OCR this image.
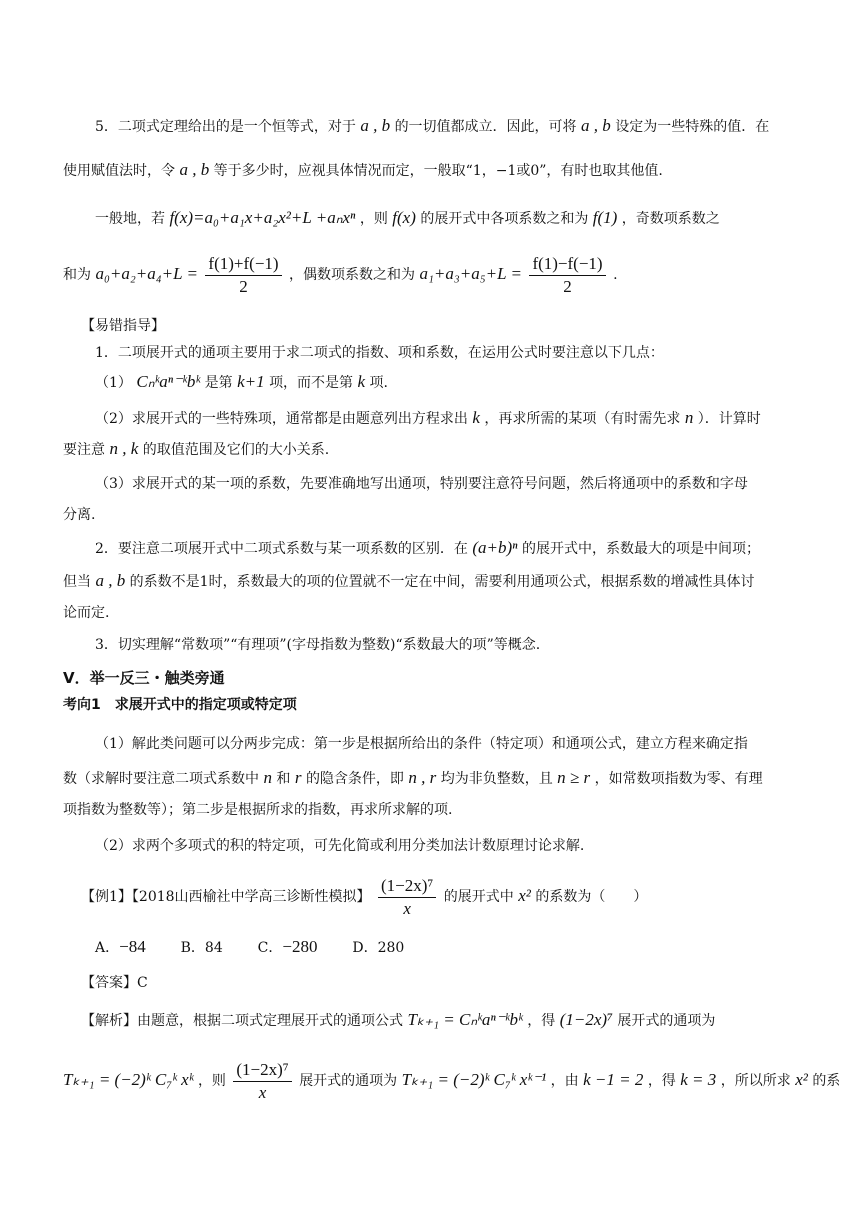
5．二项式定理给出的是一个恒等式，对于 a , b 的一切值都成立．因此，可将 a , b 设定为一些特殊的值．在
使用赋值法时，令 a , b 等于多少时，应视具体情况而定，一般取“1，−1或0”，有时也取其他值.
一般地，若 f(x)=a₀+a₁x+a₂x²+L +aₙxⁿ ，则 f(x) 的展开式中各项系数之和为 f(1) ，奇数项系数之
和为 $a_0+a_2+a_4+L = \frac{f(1)+f(-1)}{2}$ ，偶数项系数之和为 $a_1+a_3+a_5+L = \frac{f(1)-f(-1)}{2}$ .
【易错指导】
1．二项展开式的通项主要用于求二项式的指数、项和系数，在运用公式时要注意以下几点：
（1） Cₙᵏaⁿ⁻ᵏbᵏ 是第 k+1 项，而不是第 k 项.
（2）求展开式的一些特殊项，通常都是由题意列出方程求出 k ，再求所需的某项（有时需先求 n ）．计算时
要注意 n , k 的取值范围及它们的大小关系.
（3）求展开式的某一项的系数，先要准确地写出通项，特别要注意符号问题，然后将通项中的系数和字母
分离.
2．要注意二项展开式中二项式系数与某一项系数的区别．在 (a+b)ⁿ 的展开式中，系数最大的项是中间项；
但当 a , b 的系数不是1时，系数最大的项的位置就不一定在中间，需要利用通项公式，根据系数的增减性具体讨
论而定.
3．切实理解“常数项”“有理项”(字母指数为整数)“系数最大的项”等概念.
V．举一反三・触类旁通
考向1　求展开式中的指定项或特定项
（1）解此类问题可以分两步完成：第一步是根据所给出的条件（特定项）和通项公式，建立方程来确定指
数（求解时要注意二项式系数中 n 和 r 的隐含条件，即 n , r 均为非负整数，且 n ≥ r ，如常数项指数为零、有理
项指数为整数等）；第二步是根据所求的指数，再求所求解的项.
（2）求两个多项式的积的特定项，可先化简或利用分类加法计数原理讨论求解.
【例1】【2018山西榆社中学高三诊断性模拟】 $\frac{\text{(1−2x)⁷}}{x}$ 的展开式中 x² 的系数为（　　）
A．−84 B．84 C．−280 D．280
【答案】C
【解析】由题意，根据二项式定理展开式的通项公式 Tₖ₊₁ = Cₙᵏaⁿ⁻ᵏbᵏ ，得 (1−2x)⁷ 展开式的通项为
Tₖ₊₁ = (−2)ᵏ C₇ᵏ xᵏ ，则 $\frac{\text{(1−2x)⁷}}{x}$ 展开式的通项为 Tₖ₊₁ = (−2)ᵏ C₇ᵏ xᵏ⁻¹ ，由 k −1 = 2 ，得 k = 3 ，所以所求 x² 的系
